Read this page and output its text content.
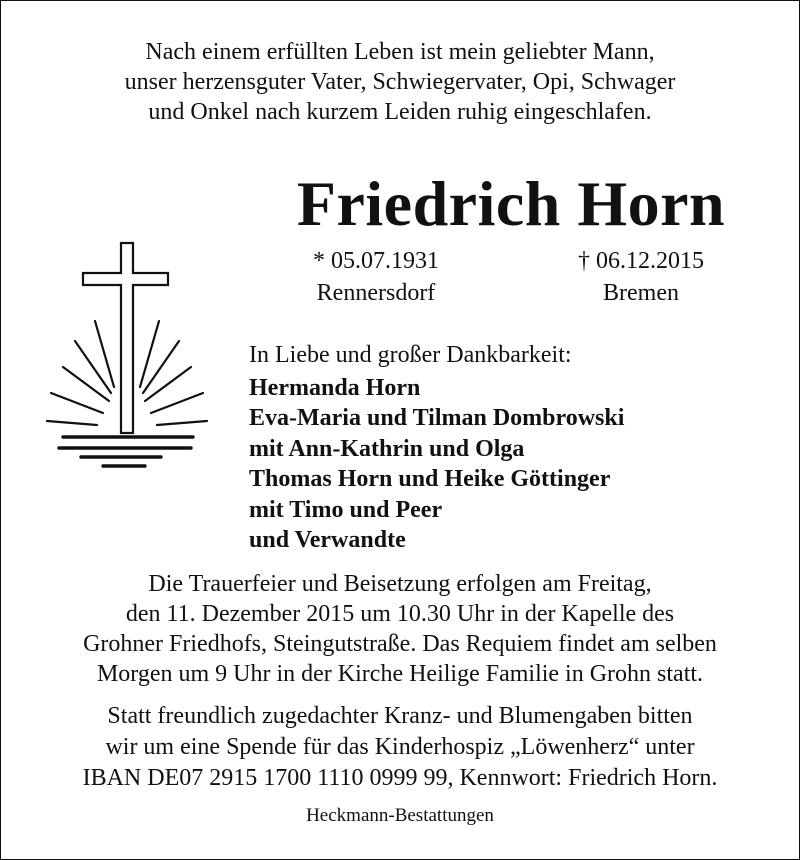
Nach einem erfüllten Leben ist mein geliebter Mann,
unser herzensguter Vater, Schwiegervater, Opi, Schwager
und Onkel nach kurzem Leiden ruhig eingeschlafen.
Friedrich Horn
* 05.07.1931
Rennersdorf
† 06.12.2015
Bremen
In Liebe und großer Dankbarkeit:
Hermanda Horn
Eva-Maria und Tilman Dombrowski
mit Ann-Kathrin und Olga
Thomas Horn und Heike Göttinger
mit Timo und Peer
und Verwandte
Die Trauerfeier und Beisetzung erfolgen am Freitag,
den 11. Dezember 2015 um 10.30 Uhr in der Kapelle des
Grohner Friedhofs, Steingutstraße. Das Requiem findet am selben
Morgen um 9 Uhr in der Kirche Heilige Familie in Grohn statt.
Statt freundlich zugedachter Kranz- und Blumengaben bitten
wir um eine Spende für das Kinderhospiz „Löwenherz“ unter
IBAN DE07 2915 1700 1110 0999 99, Kennwort: Friedrich Horn.
Heckmann-Bestattungen
